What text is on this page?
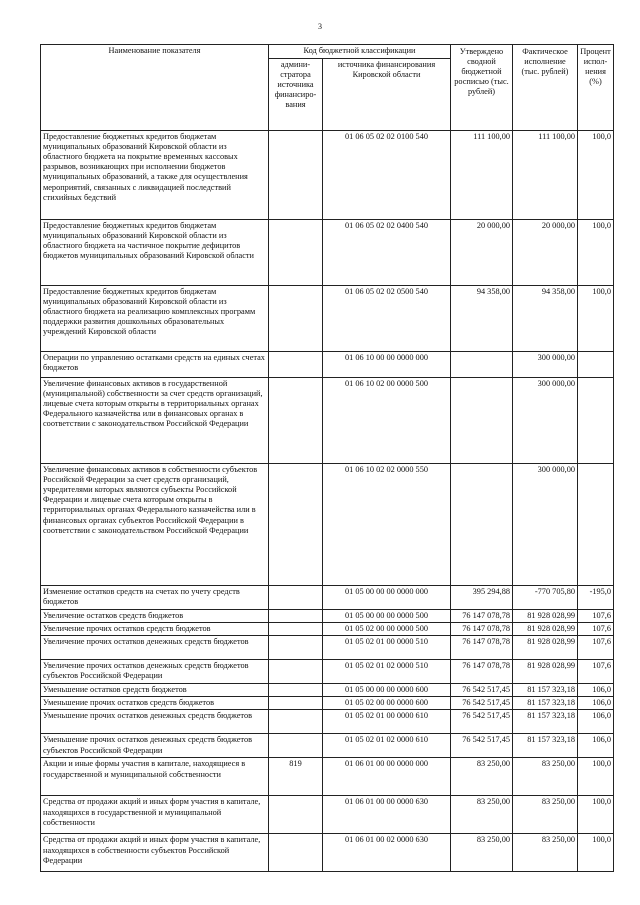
3
Наименование показателя	Код бюджетной классификации		Утверждено сводной бюджетной росписью (тыс. рублей)	Фактическое исполнение (тыс. рублей)	Процент испол-нения (%)
	админи-стратора источника финансиро-вания	источника финансирования Кировской области			
Предоставление бюджетных кредитов бюджетам муниципальных образований Кировской области из областного бюджета на покрытие временных кассовых разрывов, возникающих при исполнении бюджетов муниципальных образований, а также для осуществления мероприятий, связанных с ликвидацией последствий стихийных бедствий		01 06 05 02 02 0100 540	111 100,00	111 100,00	100,0
Предоставление бюджетных кредитов бюджетам муниципальных образований Кировской области из областного бюджета на частичное покрытие дефицитов бюджетов муниципальных образований Кировской области		01 06 05 02 02 0400 540	20 000,00	20 000,00	100,0
Предоставление бюджетных кредитов бюджетам муниципальных образований Кировской области из областного бюджета на реализацию комплексных программ поддержки развития дошкольных образовательных учреждений Кировской области		01 06 05 02 02 0500 540	94 358,00	94 358,00	100,0
Операции по управлению остатками средств на единых счетах бюджетов		01 06 10 00 00 0000 000		300 000,00	
Увеличение финансовых активов в государственной (муниципальной) собственности за счет средств организаций, лицевые счета которым открыты в территориальных органах Федерального казначейства или в финансовых органах в соответствии с законодательством Российской Федерации		01 06 10 02 00 0000 500		300 000,00	
Увеличение финансовых активов в собственности субъектов Российской Федерации за счет средств организаций, учредителями которых являются субъекты Российской Федерации и лицевые счета которым открыты в территориальных органах Федерального казначейства или в финансовых органах субъектов Российской Федерации в соответствии с законодательством Российской Федерации		01 06 10 02 02 0000 550		300 000,00	
Изменение остатков средств на счетах по учету средств бюджетов		01 05 00 00 00 0000 000	395 294,88	-770 705,80	-195,0
Увеличение остатков средств бюджетов		01 05 00 00 00 0000 500	76 147 078,78	81 928 028,99	107,6
Увеличение прочих остатков средств бюджетов		01 05 02 00 00 0000 500	76 147 078,78	81 928 028,99	107,6
Увеличение прочих остатков денежных средств бюджетов		01 05 02 01 00 0000 510	76 147 078,78	81 928 028,99	107,6
Увеличение прочих остатков денежных средств бюджетов субъектов Российской Федерации		01 05 02 01 02 0000 510	76 147 078,78	81 928 028,99	107,6
Уменьшение остатков средств бюджетов		01 05 00 00 00 0000 600	76 542 517,45	81 157 323,18	106,0
Уменьшение прочих остатков средств бюджетов		01 05 02 00 00 0000 600	76 542 517,45	81 157 323,18	106,0
Уменьшение прочих остатков денежных средств бюджетов		01 05 02 01 00 0000 610	76 542 517,45	81 157 323,18	106,0
Уменьшение прочих остатков денежных средств бюджетов субъектов Российской Федерации		01 05 02 01 02 0000 610	76 542 517,45	81 157 323,18	106,0
Акции и иные формы участия в капитале, находящиеся в государственной и муниципальной собственности	819	01 06 01 00 00 0000 000	83 250,00	83 250,00	100,0
Средства от продажи акций и иных форм участия в капитале, находящихся в государственной и муниципальной собственности		01 06 01 00 00 0000 630	83 250,00	83 250,00	100,0
Средства от продажи акций и иных форм участия в капитале, находящихся в собственности субъектов Российской Федерации		01 06 01 00 02 0000 630	83 250,00	83 250,00	100,0
